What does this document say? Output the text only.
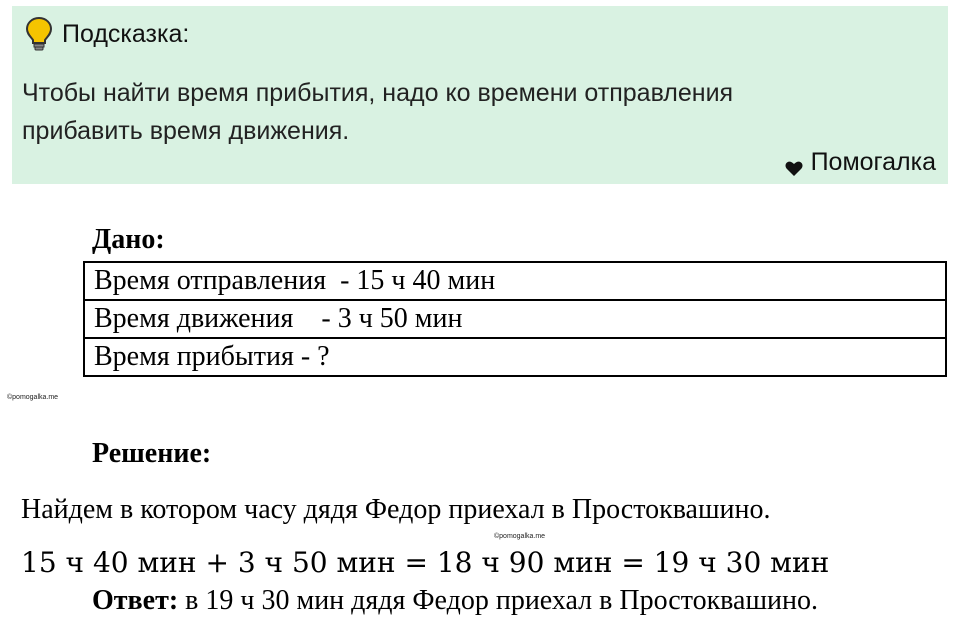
Подсказка:
Чтобы найти время прибытия, надо ко времени отправления
прибавить время движения.
Помогалка
©pomogalka.me
Дано:
Время отправления  - 15 ч 40 мин
Время движения    - 3 ч 50 мин
Время прибытия - ?
Решение:
Найдем в котором часу дядя Федор приехал в Простоквашино.
©pomogalka.me
15 ч 40 мин + 3 ч 50 мин = 18 ч 90 мин = 19 ч 30 мин
Ответ: в 19 ч 30 мин дядя Федор приехал в Простоквашино.
